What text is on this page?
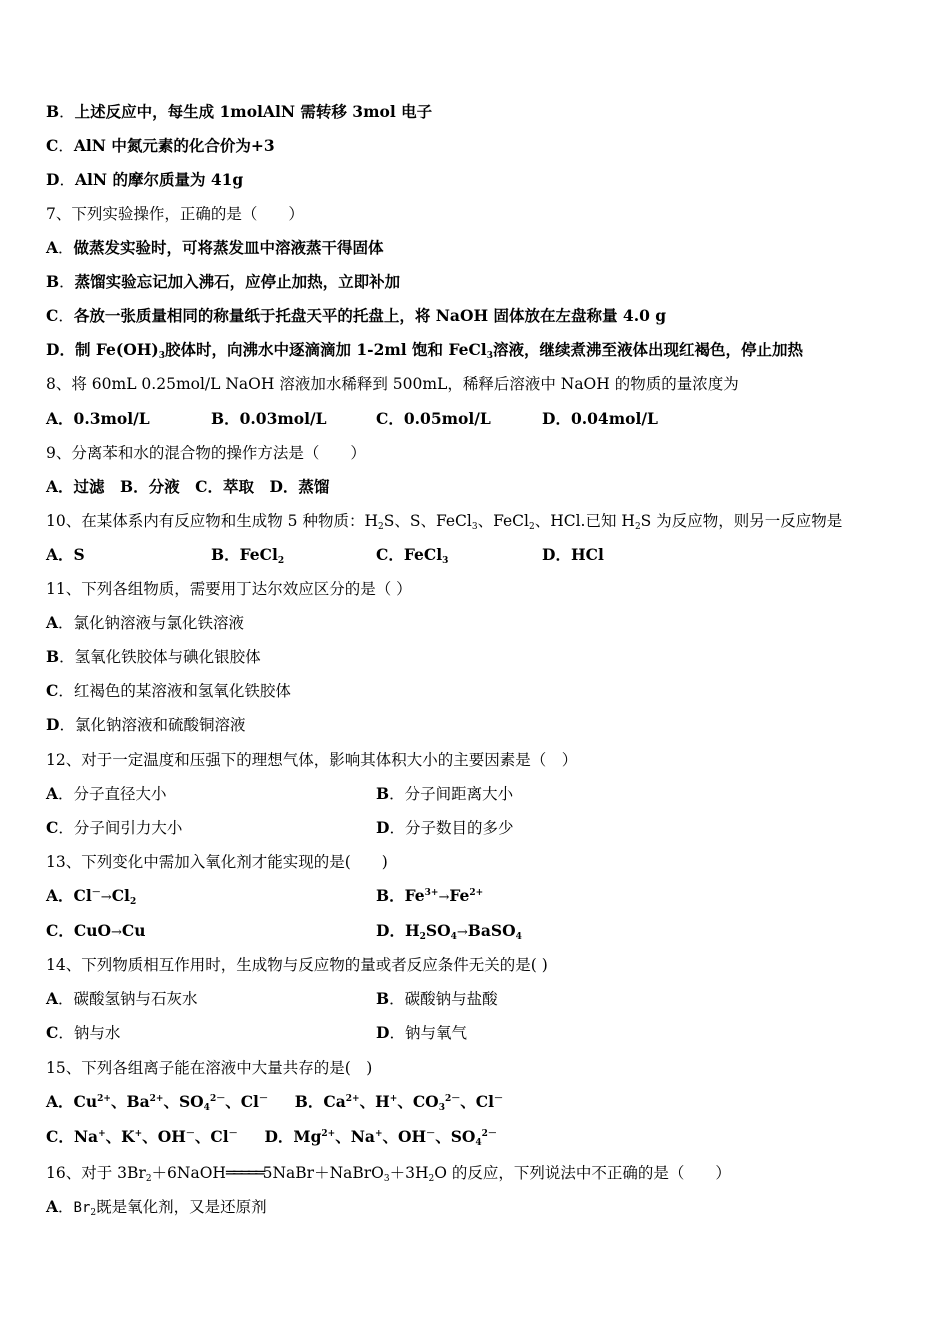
B．上述反应中，每生成 1molAlN 需转移 3mol 电子
C．AlN 中氮元素的化合价为+3
D．AlN 的摩尔质量为 41g
7、下列实验操作，正确的是（　　）
A．做蒸发实验时，可将蒸发皿中溶液蒸干得固体
B．蒸馏实验忘记加入沸石，应停止加热，立即补加
C．各放一张质量相同的称量纸于托盘天平的托盘上，将 NaOH 固体放在左盘称量 4.0 g
D．制 $Fe(OH)_3$胶体时，向沸水中逐滴滴加 1-2ml 饱和 FeCl$_3$溶液，继续煮沸至液体出现红褐色，停止加热
8、将 60mL 0.25mol/L NaOH 溶液加水稀释到 500mL，稀释后溶液中 NaOH 的物质的量浓度为
A．0.3mol/L	B．0.03mol/L	C．0.05mol/L	D．0.04mol/L
9、分离苯和水的混合物的操作方法是（　　）
A．过滤　B．分液　C．萃取　D．蒸馏
10、在某体系内有反应物和生成物 5 种物质：$H_2S$、S、FeCl$_3$、FeCl$_2$、HCl.已知 $H_2S$ 为反应物，则另一反应物是
A．S	B．FeCl$_2$	C．FeCl$_3$	D．HCl
11、下列各组物质，需要用丁达尔效应区分的是（ ）
A．氯化钠溶液与氯化铁溶液
B．氢氧化铁胶体与碘化银胶体
C．红褐色的某溶液和氢氧化铁胶体
D．氯化钠溶液和硫酸铜溶液
12、对于一定温度和压强下的理想气体，影响其体积大小的主要因素是（　）
A．分子直径大小	B．分子间距离大小
C．分子间引力大小	D．分子数目的多少
13、下列变化中需加入氧化剂才能实现的是(　　)
A．$Cl^-\to Cl_2$	B．$Fe^{3+}\to Fe^{2+}$
C．CuO→Cu	D．$H_2SO_4\to BaSO_4$
14、下列物质相互作用时，生成物与反应物的量或者反应条件无关的是( )
A．碳酸氢钠与石灰水	B．碳酸钠与盐酸
C．钠与水	D．钠与氧气
15、下列各组离子能在溶液中大量共存的是(　)
A．$Cu^{2+}$、$Ba^{2+}$、$SO_4^{2-}$、Cl－ B．$Ca^{2+}$、H+、$CO_3^{2-}$、Cl－
C．Na+、K+、OH－、Cl－ D．$Mg^{2+}$、Na+、OH－、$SO_4^{2-}$
16、对于 $3Br_2+6NaOH═════5NaBr+NaBrO_3+3H_2O$ 的反应，下列说法中不正确的是（　　）
A．$Br_2$既是氧化剂，又是还原剂
